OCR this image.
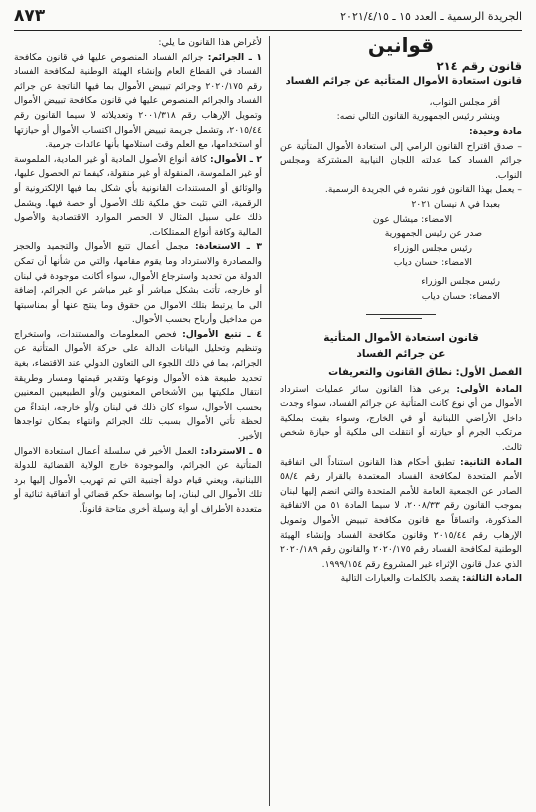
الجريدة الرسمية ـ العدد ١٥ ـ ٢٠٢١/٤/١٥
٨٧٣
قوانين

قانون رقم ٢١٤

قانون استعادة الأموال المتأتية عن جرائم الفساد

أقر مجلس النواب،

وينشر رئيس الجمهورية القانون التالي نصه:

مادة وحيدة:

– صدق اقتراح القانون الرامي إلى استعادة الأموال المتأتية عن جرائم الفساد كما عدلته اللجان النيابية المشتركة ومجلس النواب.

– يعمل بهذا القانون فور نشره في الجريدة الرسمية.

بعبدا في ٨ نيسان ٢٠٢١

الامضاء: ميشال عون

صدر عن رئيس الجمهورية

رئيس مجلس الوزراء

الامضاء: حسان دياب

رئيس مجلس الوزراء

الامضاء: حسان دياب

قانون استعادة الأموال المتأتية
عن جرائم الفساد

الفصل الأول: نطاق القانون والتعريفات

المادة الأولى: يرعى هذا القانون سائر عمليات استرداد الأموال من أي نوع كانت المتأتية عن جرائم الفساد، سواء وجدت داخل الأراضي اللبنانية أو في الخارج، وسواء بقيت بملكية مرتكب الجرم أو حيازته أو انتقلت الى ملكية أو حيازة شخص ثالث.

المادة الثانية: تطبق أحكام هذا القانون استناداً الى اتفاقية الأمم المتحدة لمكافحة الفساد المعتمدة بالقرار رقم ٥٨/٤ الصادر عن الجمعية العامة للأمم المتحدة والتي انضم إليها لبنان بموجب القانون رقم ٢٠٠٨/٣٣، لا سيما المادة ٥١ من الاتفاقية المذكورة، واتساقاً مع قانون مكافحة تبييض الأموال وتمويل الإرهاب رقم ٢٠١٥/٤٤ وقانون مكافحة الفساد وإنشاء الهيئة الوطنية لمكافحة الفساد رقم ٢٠٢٠/١٧٥ والقانون رقم ٢٠٢٠/١٨٩ الذي عدل قانون الإثراء غير المشروع رقم ١٩٩٩/١٥٤.

المادة الثالثة: يقصد بالكلمات والعبارات التالية

لأغراض هذا القانون ما يلي:

١ ـ الجرائم: جرائم الفساد المنصوص عليها في قانون مكافحة الفساد في القطاع العام وإنشاء الهيئة الوطنية لمكافحة الفساد رقم ٢٠٢٠/١٧٥ وجرائم تبييض الأموال بما فيها الناتجة عن جرائم الفساد والجرائم المنصوص عليها في قانون مكافحة تبييض الأموال وتمويل الإرهاب رقم ٢٠٠١/٣١٨ وتعديلاته لا سيما القانون رقم ٢٠١٥/٤٤، وتشمل جريمة تبييض الأموال اكتساب الأموال أو حيازتها أو استخدامها، مع العلم وقت استلامها بأنها عائدات جرمية.

٢ ـ الأموال: كافة أنواع الأصول المادية أو غير المادية، الملموسة أو غير الملموسة، المنقولة أو غير منقولة، كيفما تم الحصول عليها، والوثائق أو المستندات القانونية بأي شكل بما فيها الإلكترونية أو الرقمية، التي تثبت حق ملكية تلك الأصول أو حصة فيها. ويشمل ذلك على سبيل المثال لا الحصر الموارد الاقتصادية والأصول المالية وكافة أنواع الممتلكات.

٣ ـ الاستعادة: مجمل أعمال تتبع الأموال والتجميد والحجز والمصادرة والاسترداد وما يقوم مقامها، والتي من شأنها أن تمكن الدولة من تحديد واسترجاع الأموال، سواء أكانت موجودة في لبنان أو خارجه، تأتت بشكل مباشر أو غير مباشر عن الجرائم، إضافة الى ما يرتبط بتلك الاموال من حقوق وما ينتج عنها أو بمناسبتها من مداخيل وأرباح بحسب الأحوال.

٤ ـ تتبع الأموال: فحص المعلومات والمستندات، واستخراج وتنظيم وتحليل البيانات الدالة على حركة الأموال المتأتية عن الجرائم، بما في ذلك اللجوء الى التعاون الدولي عند الاقتضاء، بغية تحديد طبيعة هذه الأموال ونوعها وتقدير قيمتها ومسار وطريقة انتقال ملكيتها بين الأشخاص المعنويين و/أو الطبيعيين المعنيين بحسب الأحوال، سواء كان ذلك في لبنان و/أو خارجه، ابتداءً من لحظة تأتي الأموال بسبب تلك الجرائم وانتهاء بمكان تواجدها الأخير.

٥ ـ الاسترداد: العمل الأخير في سلسلة أعمال استعادة الاموال المتأتية عن الجرائم، والموجودة خارج الولاية القضائية للدولة اللبنانية، ويعني قيام دولة أجنبية التي تم تهريب الأموال إليها برد تلك الأموال الى لبنان، إما بواسطة حكم قضائي أو اتفاقية ثنائية أو متعددة الأطراف أو أية وسيلة أخرى متاحة قانوناً.
